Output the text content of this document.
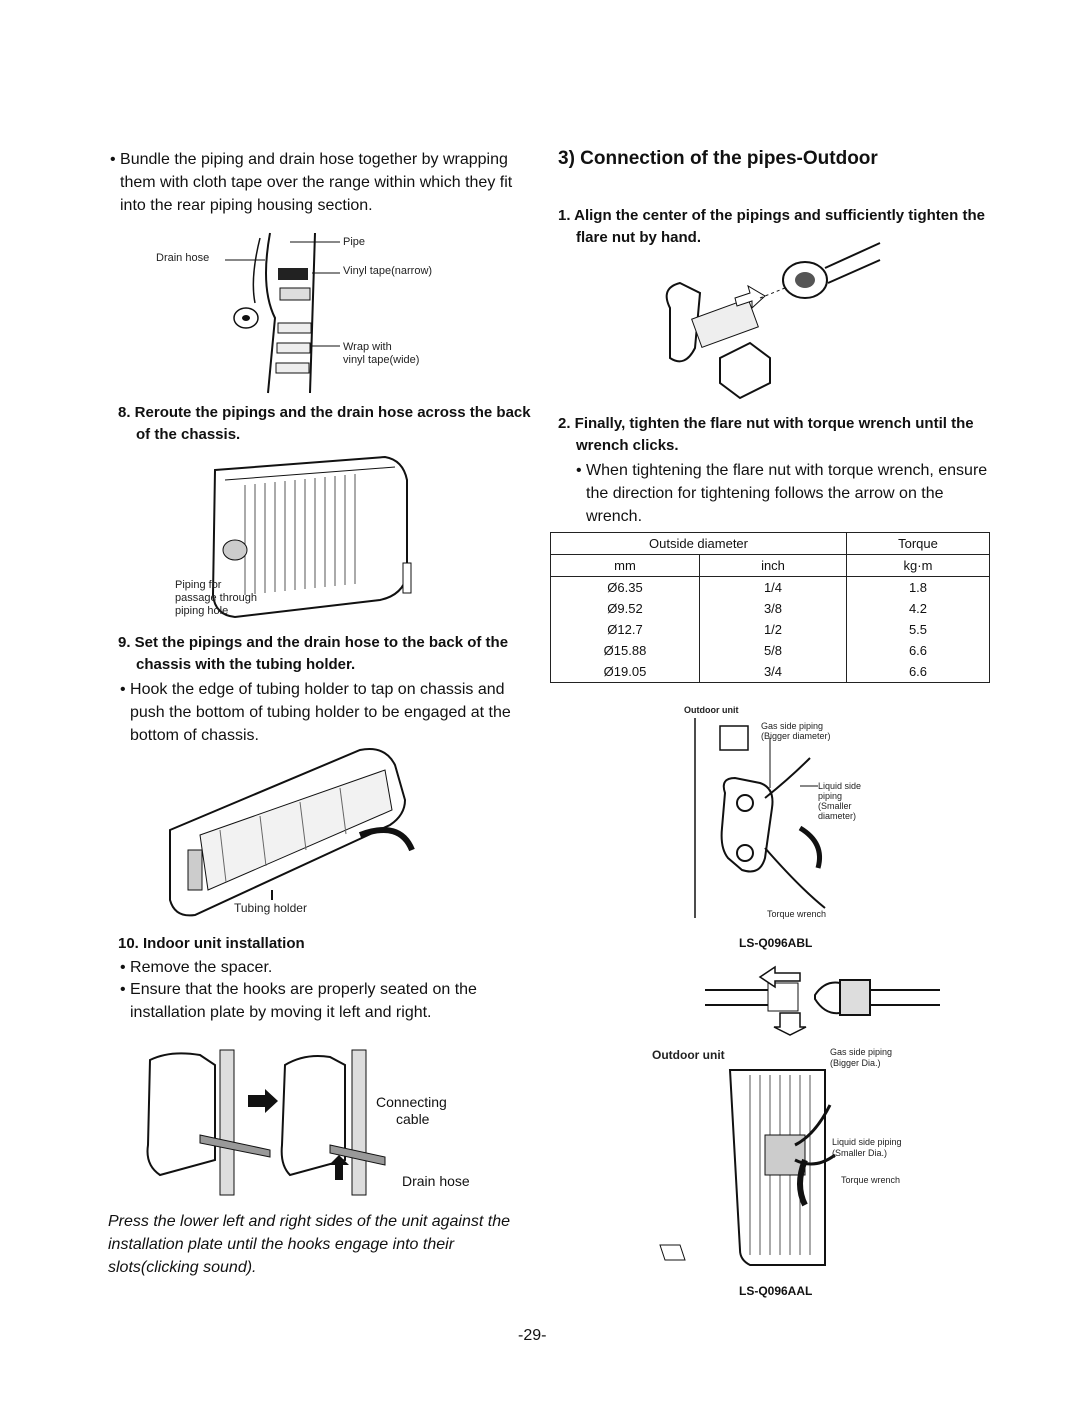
• Bundle the piping and drain hose together by wrapping them with cloth tape over the range within which they fit into the rear piping housing section.
Pipe
Drain hose
Vinyl tape(narrow)
Wrap with
vinyl tape(wide)
8. Reroute the pipings and the drain hose across the back of the chassis.
Piping for
passage through
piping hole
9. Set the pipings and the drain hose to the back of the chassis with the tubing holder.
• Hook the edge of tubing holder to tap on chassis and push the bottom of tubing holder to be engaged at the bottom of chassis.
Tubing holder
10. Indoor unit installation
• Remove the spacer.
• Ensure that the hooks are properly seated on the installation plate by moving it left and right.
Connecting
cable
Drain hose
Press the lower left and right sides of the unit against the installation plate until the hooks engage into their slots(clicking sound).
3) Connection of the pipes-Outdoor
1. Align the center of the pipings and sufficiently tighten the flare nut by hand.
2. Finally, tighten the flare nut with torque wrench until the wrench clicks.
• When tightening the flare nut with torque wrench, ensure the direction for tightening follows the arrow on the wrench.
Outside diameter		Torque
mm	inch	kg·m
Ø6.35	1/4	1.8
Ø9.52	3/8	4.2
Ø12.7	1/2	5.5
Ø15.88	5/8	6.6
Ø19.05	3/4	6.6
Outdoor unit
Gas side piping
(Bigger diameter)
Liquid side
piping
(Smaller
diameter)
Torque wrench
LS-Q096ABL
Outdoor unit	Gas side piping
(Bigger Dia.)
Liquid side piping
(Smaller Dia.)
Torque wrench
LS-Q096AAL
-29-
